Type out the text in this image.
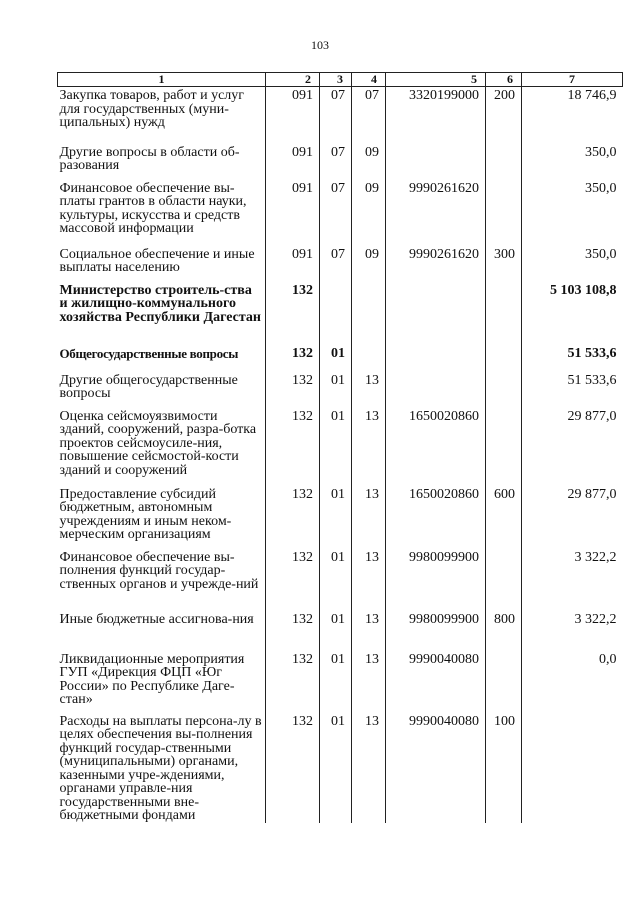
103
1	2	3	4	5	6	7
Закупка товаров, работ и услуг для государственных (муни-ципальных) нужд	091	07	07	3320199000	200	18 746,9
Другие вопросы в области об-разования	091	07	09			350,0
Финансовое обеспечение вы-платы грантов в области науки, культуры, искусства и средств массовой информации	091	07	09	9990261620		350,0
Социальное обеспечение и иные выплаты населению	091	07	09	9990261620	300	350,0
Министерство строитель-ства и жилищно-коммунального хозяйства Республики Дагестан	132					5 103 108,8
Общегосударственные вопросы	132	01				51 533,6
Другие общегосударственные вопросы	132	01	13			51 533,6
Оценка сейсмоуязвимости зданий, сооружений, разра-ботка проектов сейсмоусиле-ния, повышение сейсмостой-кости зданий и сооружений	132	01	13	1650020860		29 877,0
Предоставление субсидий бюджетным, автономным учреждениям и иным неком-мерческим организациям	132	01	13	1650020860	600	29 877,0
Финансовое обеспечение вы-полнения функций государ-ственных органов и учрежде-ний	132	01	13	9980099900		3 322,2
Иные бюджетные ассигнова-ния	132	01	13	9980099900	800	3 322,2
Ликвидационные мероприятия ГУП «Дирекция ФЦП «Юг России» по Республике Даге-стан»	132	01	13	9990040080		0,0
Расходы на выплаты персона-лу в целях обеспечения вы-полнения функций государ-ственными (муниципальными) органами, казенными учре-ждениями, органами управле-ния государственными вне-бюджетными фондами	132	01	13	9990040080	100	
